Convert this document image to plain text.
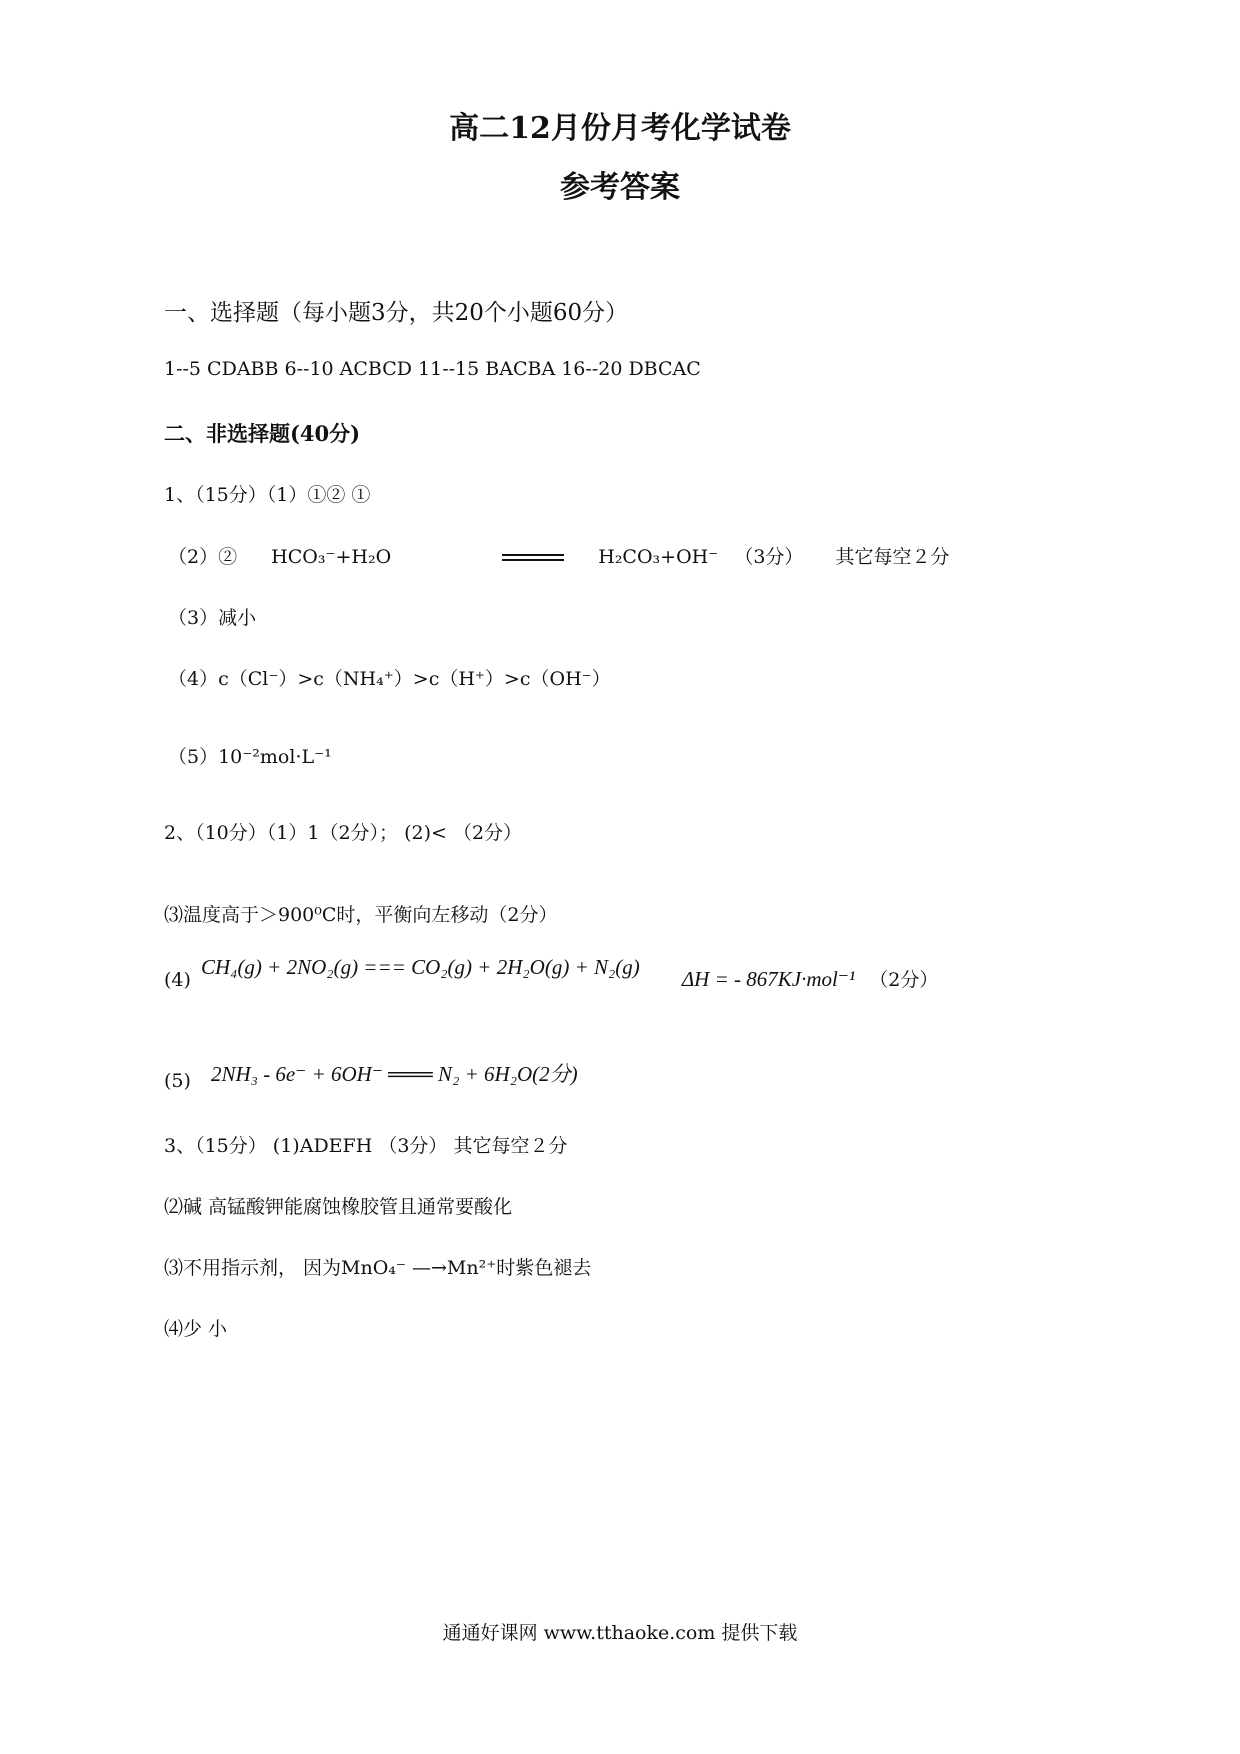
高二12月份月考化学试卷
参考答案
一、选择题（每小题3分，共20个小题60分）
1--5 CDABB 6--10 ACBCD 11--15 BACBA 16--20 DBCAC
二、非选择题(40分)
1、（15分）（1）①② ①
（2）② HCO₃⁻+H₂O	H₂CO₃+OH⁻ （3分） 其它每空２分
（3）减小
（4）c（Cl⁻）>c（NH₄⁺）>c（H⁺）>c（OH⁻）
（5）10⁻²mol·L⁻¹
2、（10分）（1）1（2分）； (2)< （2分）
⑶温度高于＞900⁰C时，平衡向左移动（2分）
(4) CH₄(g) + 2NO₂(g) === CO₂(g) + 2H₂O(g) + N₂(g) ΔH = - 867KJ·mol⁻¹ （2分）
(5) 2NH₃ - 6e⁻ + 6OH⁻ ═══ N₂ + 6H₂O(2分)
3、（15分） (1)ADEFH （3分） 其它每空２分
⑵碱 高锰酸钾能腐蚀橡胶管且通常要酸化
⑶不用指示剂， 因为MnO₄⁻ —→Mn²⁺时紫色褪去
⑷少 小
通通好课网 www.tthaoke.com 提供下载
